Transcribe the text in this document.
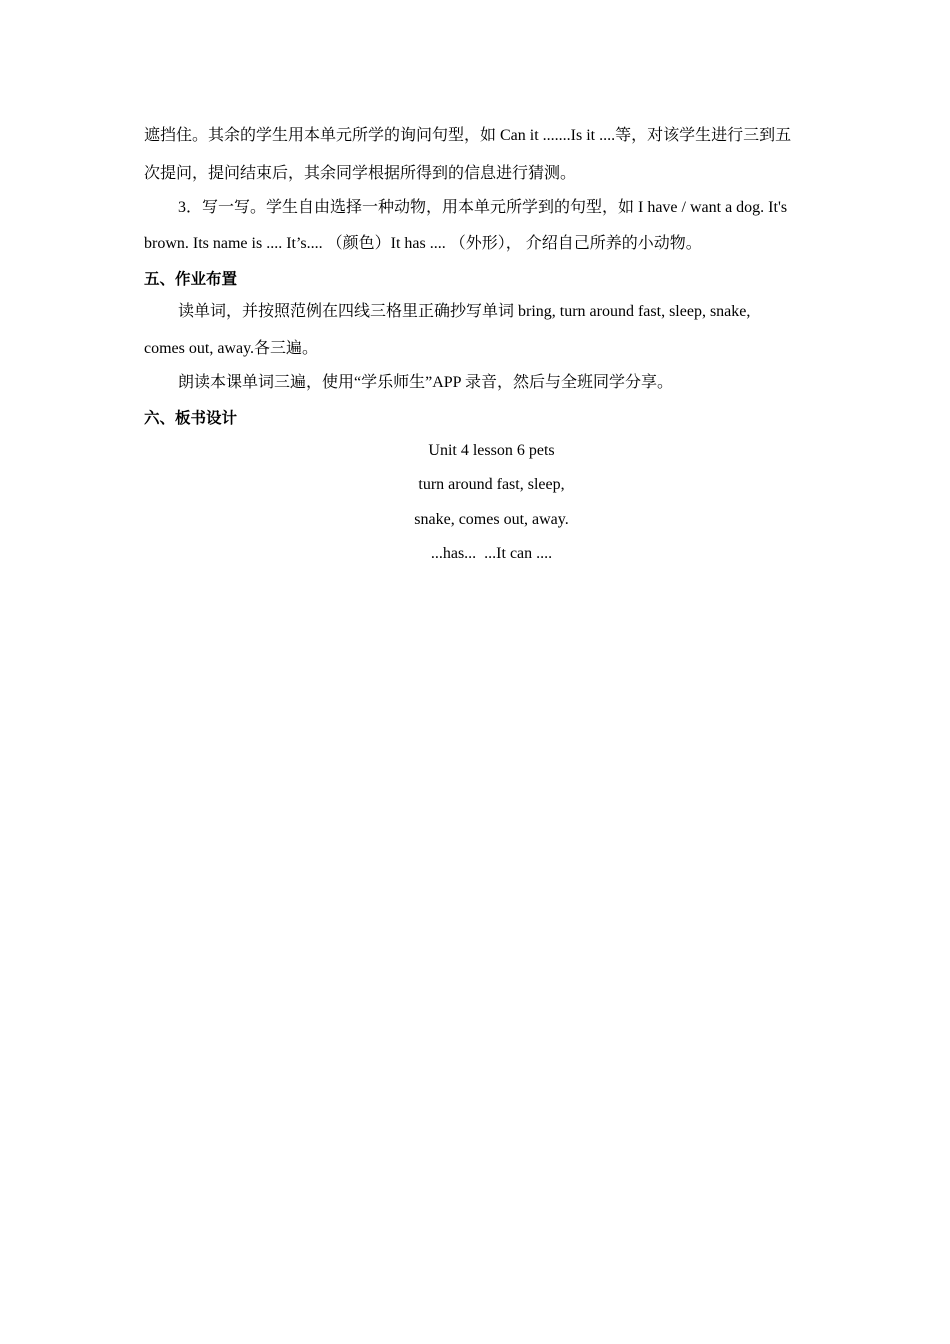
遮挡住。其余的学生用本单元所学的询问句型，如 Can it .......Is it ....等，对该学生进行三到五
次提问，提问结束后，其余同学根据所得到的信息进行猜测。
3．写一写。学生自由选择一种动物，用本单元所学到的句型，如 I have / want a dog. It's
brown. Its name is .... It’s.... （颜色）It has .... （外形）， 介绍自己所养的小动物。
五、作业布置
读单词，并按照范例在四线三格里正确抄写单词 bring, turn around fast, sleep, snake,
comes out, away.各三遍。
朗读本课单词三遍，使用“学乐师生”APP 录音，然后与全班同学分享。
六、板书设计
Unit 4 lesson 6 pets
turn around fast, sleep,
snake, comes out, away.
...has...  ...It can ....
